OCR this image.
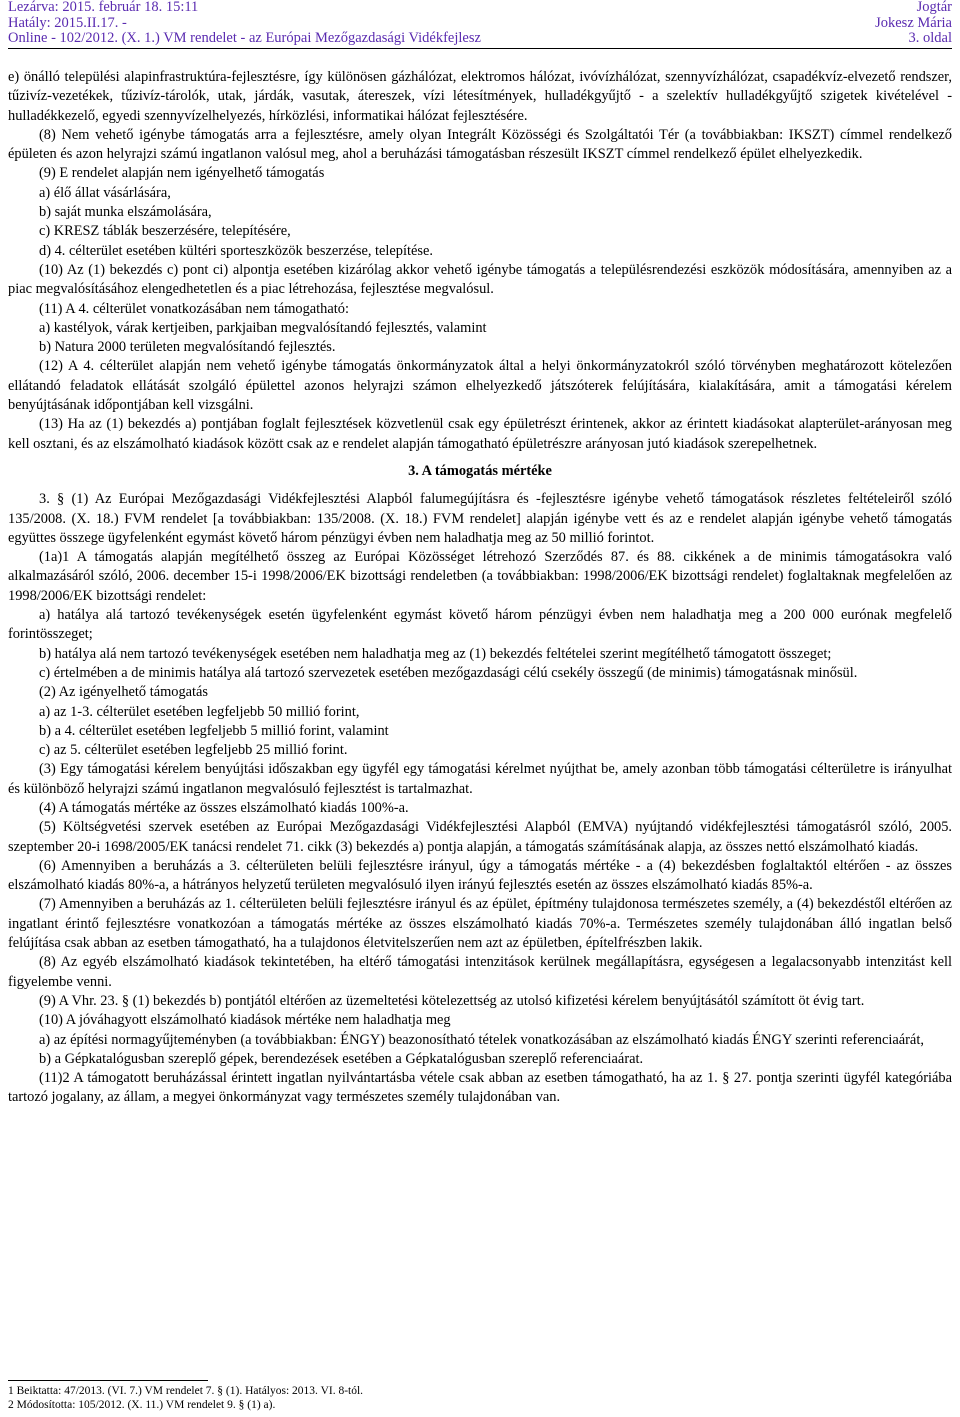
Lezárva: 2015. február 18. 15:11
Hatály: 2015.II.17. -
Online - 102/2012. (X. 1.) VM rendelet - az Európai Mezőgazdasági Vidékfejlesz
Jogtár
Jokesz Mária
3. oldal

e) önálló települési alapinfrastruktúra-fejlesztésre, így különösen gázhálózat, elektromos hálózat, ivóvízhálózat, szennyvízhálózat, csapadékvíz-elvezető rendszer, tűzivíz-vezetékek, tűzivíz-tárolók, utak, járdák, vasutak, átereszek, vízi létesítmények, hulladékgyűjtő - a szelektív hulladékgyűjtő szigetek kivételével - hulladékkezelő, egyedi szennyvízelhelyezés, hírközlési, informatikai hálózat fejlesztésére.

(8) Nem vehető igénybe támogatás arra a fejlesztésre, amely olyan Integrált Közösségi és Szolgáltatói Tér (a továbbiakban: IKSZT) címmel rendelkező épületen és azon helyrajzi számú ingatlanon valósul meg, ahol a beruházási támogatásban részesült IKSZT címmel rendelkező épület elhelyezkedik.

(9) E rendelet alapján nem igényelhető támogatás

a) élő állat vásárlására,

b) saját munka elszámolására,

c) KRESZ táblák beszerzésére, telepítésére,

d) 4. célterület esetében kültéri sporteszközök beszerzése, telepítése.

(10) Az (1) bekezdés c) pont ci) alpontja esetében kizárólag akkor vehető igénybe támogatás a településrendezési eszközök módosítására, amennyiben az a piac megvalósításához elengedhetetlen és a piac létrehozása, fejlesztése megvalósul.

(11) A 4. célterület vonatkozásában nem támogatható:

a) kastélyok, várak kertjeiben, parkjaiban megvalósítandó fejlesztés, valamint

b) Natura 2000 területen megvalósítandó fejlesztés.

(12) A 4. célterület alapján nem vehető igénybe támogatás önkormányzatok által a helyi önkormányzatokról szóló törvényben meghatározott kötelezően ellátandó feladatok ellátását szolgáló épülettel azonos helyrajzi számon elhelyezkedő játszóterek felújítására, kialakítására, amit a támogatási kérelem benyújtásának időpontjában kell vizsgálni.

(13) Ha az (1) bekezdés a) pontjában foglalt fejlesztések közvetlenül csak egy épületrészt érintenek, akkor az érintett kiadásokat alapterület-arányosan meg kell osztani, és az elszámolható kiadások között csak az e rendelet alapján támogatható épületrészre arányosan jutó kiadások szerepelhetnek.

3. A támogatás mértéke

3. § (1) Az Európai Mezőgazdasági Vidékfejlesztési Alapból falumegújításra és -fejlesztésre igénybe vehető támogatások részletes feltételeiről szóló 135/2008. (X. 18.) FVM rendelet [a továbbiakban: 135/2008. (X. 18.) FVM rendelet] alapján igénybe vett és az e rendelet alapján igénybe vehető támogatás együttes összege ügyfelenként egymást követő három pénzügyi évben nem haladhatja meg az 50 millió forintot.

(1a)1 A támogatás alapján megítélhető összeg az Európai Közösséget létrehozó Szerződés 87. és 88. cikkének a de minimis támogatásokra való alkalmazásáról szóló, 2006. december 15-i 1998/2006/EK bizottsági rendeletben (a továbbiakban: 1998/2006/EK bizottsági rendelet) foglaltaknak megfelelően az 1998/2006/EK bizottsági rendelet:

a) hatálya alá tartozó tevékenységek esetén ügyfelenként egymást követő három pénzügyi évben nem haladhatja meg a 200 000 eurónak megfelelő forintösszeget;

b) hatálya alá nem tartozó tevékenységek esetében nem haladhatja meg az (1) bekezdés feltételei szerint megítélhető támogatott összeget;

c) értelmében a de minimis hatálya alá tartozó szervezetek esetében mezőgazdasági célú csekély összegű (de minimis) támogatásnak minősül.

(2) Az igényelhető támogatás

a) az 1-3. célterület esetében legfeljebb 50 millió forint,

b) a 4. célterület esetében legfeljebb 5 millió forint, valamint

c) az 5. célterület esetében legfeljebb 25 millió forint.

(3) Egy támogatási kérelem benyújtási időszakban egy ügyfél egy támogatási kérelmet nyújthat be, amely azonban több támogatási célterületre is irányulhat és különböző helyrajzi számú ingatlanon megvalósuló fejlesztést is tartalmazhat.

(4) A támogatás mértéke az összes elszámolható kiadás 100%-a.

(5) Költségvetési szervek esetében az Európai Mezőgazdasági Vidékfejlesztési Alapból (EMVA) nyújtandó vidékfejlesztési támogatásról szóló, 2005. szeptember 20-i 1698/2005/EK tanácsi rendelet 71. cikk (3) bekezdés a) pontja alapján, a támogatás számításának alapja, az összes nettó elszámolható kiadás.

(6) Amennyiben a beruházás a 3. célterületen belüli fejlesztésre irányul, úgy a támogatás mértéke - a (4) bekezdésben foglaltaktól eltérően - az összes elszámolható kiadás 80%-a, a hátrányos helyzetű területen megvalósuló ilyen irányú fejlesztés esetén az összes elszámolható kiadás 85%-a.

(7) Amennyiben a beruházás az 1. célterületen belüli fejlesztésre irányul és az épület, építmény tulajdonosa természetes személy, a (4) bekezdéstől eltérően az ingatlant érintő fejlesztésre vonatkozóan a támogatás mértéke az összes elszámolható kiadás 70%-a. Természetes személy tulajdonában álló ingatlan belső felújítása csak abban az esetben támogatható, ha a tulajdonos életvitelszerűen nem azt az épületben, építelfrészben lakik.

(8) Az egyéb elszámolható kiadások tekintetében, ha eltérő támogatási intenzitások kerülnek megállapításra, egységesen a legalacsonyabb intenzitást kell figyelembe venni.

(9) A Vhr. 23. § (1) bekezdés b) pontjától eltérően az üzemeltetési kötelezettség az utolsó kifizetési kérelem benyújtásától számított öt évig tart.

(10) A jóváhagyott elszámolható kiadások mértéke nem haladhatja meg

a) az építési normagyűjteményben (a továbbiakban: ÉNGY) beazonosítható tételek vonatkozásában az elszámolható kiadás ÉNGY szerinti referenciaárát,

b) a Gépkatalógusban szereplő gépek, berendezések esetében a Gépkatalógusban szereplő referenciaárat.

(11)2 A támogatott beruházással érintett ingatlan nyilvántartásba vétele csak abban az esetben támogatható, ha az 1. § 27. pontja szerinti ügyfél kategóriába tartozó jogalany, az állam, a megyei önkormányzat vagy természetes személy tulajdonában van.

1 Beiktatta: 47/2013. (VI. 7.) VM rendelet 7. § (1). Hatályos: 2013. VI. 8-tól.
2 Módosította: 105/2012. (X. 11.) VM rendelet 9. § (1) a).
